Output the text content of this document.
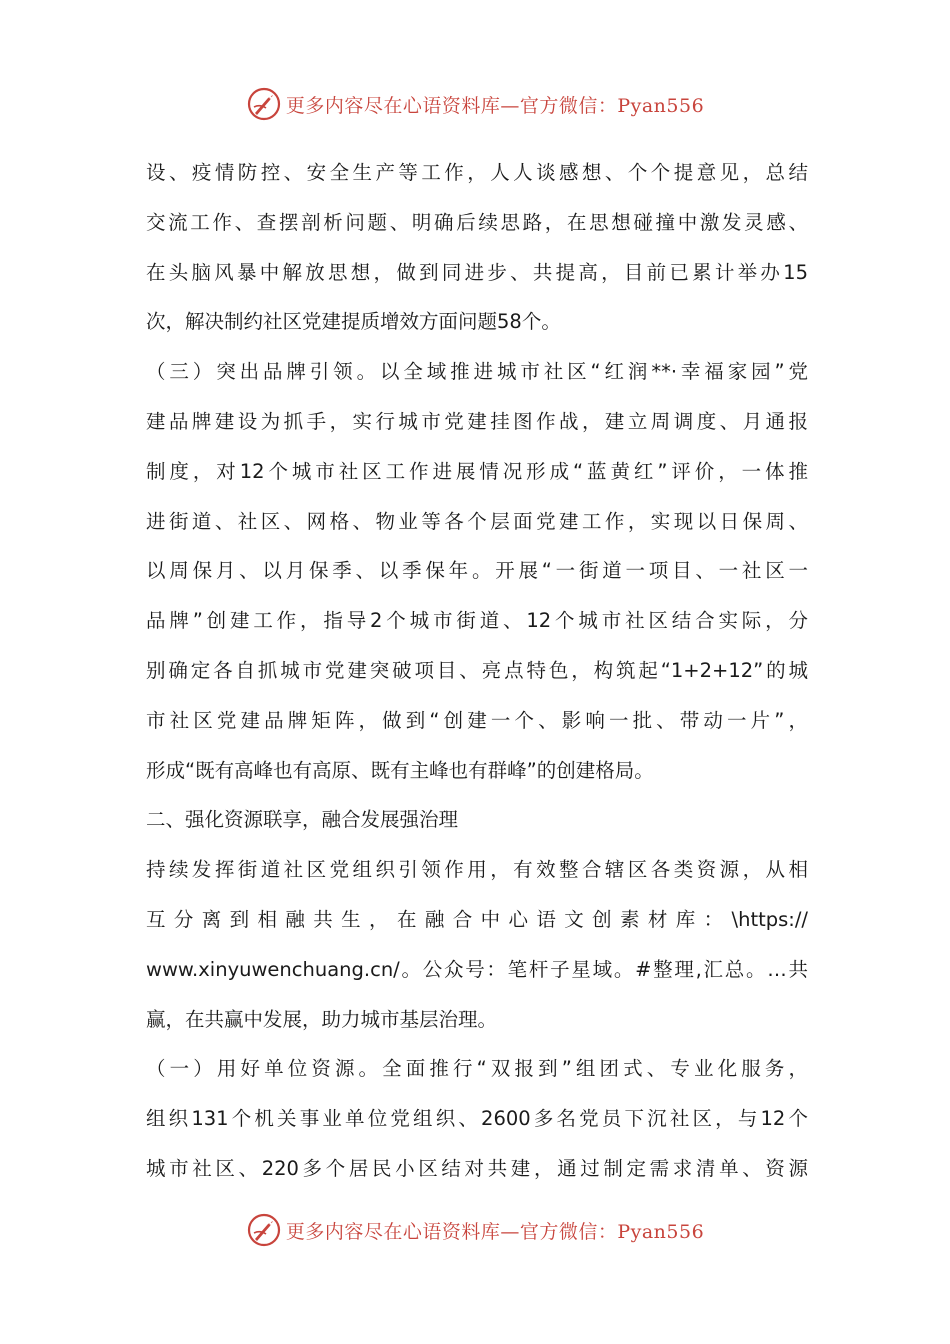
更多内容尽在心语资料库—官方微信：Pyan556
设、疫情防控、安全生产等工作，人人谈感想、个个提意见，总结
交流工作、查摆剖析问题、明确后续思路，在思想碰撞中激发灵感、
在头脑风暴中解放思想，做到同进步、共提高，目前已累计举办15
次，解决制约社区党建提质增效方面问题58个。
（三）突出品牌引领。以全域推进城市社区“红润**·幸福家园”党
建品牌建设为抓手，实行城市党建挂图作战，建立周调度、月通报
制度，对12个城市社区工作进展情况形成“蓝黄红”评价，一体推
进街道、社区、网格、物业等各个层面党建工作，实现以日保周、
以周保月、以月保季、以季保年。开展“一街道一项目、一社区一
品牌”创建工作，指导2个城市街道、12个城市社区结合实际，分
别确定各自抓城市党建突破项目、亮点特色，构筑起“1+2+12”的城
市社区党建品牌矩阵，做到“创建一个、影响一批、带动一片”，
形成“既有高峰也有高原、既有主峰也有群峰”的创建格局。
二、强化资源联享，融合发展强治理
持续发挥街道社区党组织引领作用，有效整合辖区各类资源，从相
互分离到相融共生，在融合中心语文创素材库：\https://
www.xinyuwenchuang.cn/。公众号：笔杆子星域。#整理,汇总。…共
赢，在共赢中发展，助力城市基层治理。
（一）用好单位资源。全面推行“双报到”组团式、专业化服务，
组织131个机关事业单位党组织、2600多名党员下沉社区，与12个
城市社区、220多个居民小区结对共建，通过制定需求清单、资源
更多内容尽在心语资料库—官方微信：Pyan556
